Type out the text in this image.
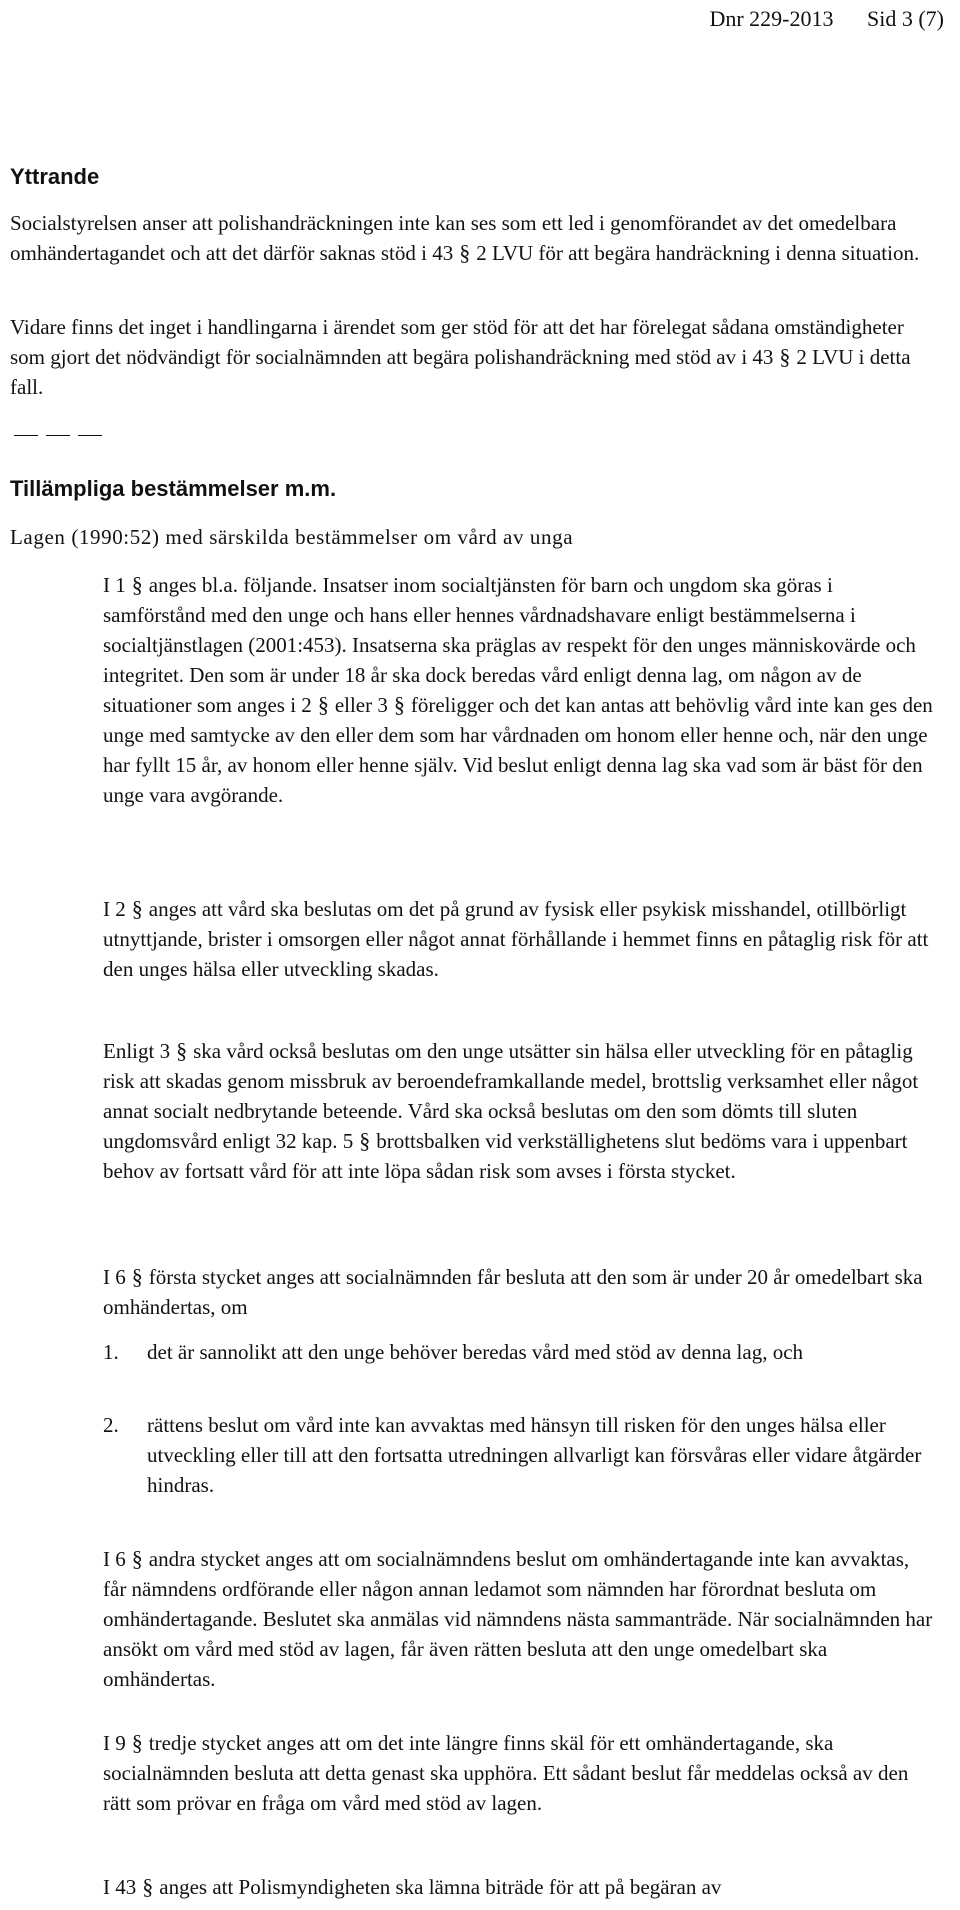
Dnr 229-2013 Sid 3 (7)
Yttrande
Socialstyrelsen anser att polishandräckningen inte kan ses som ett led i genomförandet av det omedelbara omhändertagandet och att det därför saknas stöd i 43 § 2 LVU för att begära handräckning i denna situation.
Vidare finns det inget i handlingarna i ärendet som ger stöd för att det har förelegat sådana omständigheter som gjort det nödvändigt för socialnämnden att begära polishandräckning med stöd av i 43 § 2 LVU i detta fall.
Tillämpliga bestämmelser m.m.
Lagen (1990:52) med särskilda bestämmelser om vård av unga
I 1 § anges bl.a. följande. Insatser inom socialtjänsten för barn och ungdom ska göras i samförstånd med den unge och hans eller hennes vårdnadshavare enligt bestämmelserna i socialtjänstlagen (2001:453). Insatserna ska präglas av respekt för den unges människovärde och integritet. Den som är under 18 år ska dock beredas vård enligt denna lag, om någon av de situationer som anges i 2 § eller 3 § föreligger och det kan antas att behövlig vård inte kan ges den unge med samtycke av den eller dem som har vårdnaden om honom eller henne och, när den unge har fyllt 15 år, av honom eller henne själv. Vid beslut enligt denna lag ska vad som är bäst för den unge vara avgörande.
I 2 § anges att vård ska beslutas om det på grund av fysisk eller psykisk misshandel, otillbörligt utnyttjande, brister i omsorgen eller något annat förhållande i hemmet finns en påtaglig risk för att den unges hälsa eller utveckling skadas.
Enligt 3 § ska vård också beslutas om den unge utsätter sin hälsa eller utveckling för en påtaglig risk att skadas genom missbruk av beroendeframkallande medel, brottslig verksamhet eller något annat socialt nedbrytande beteende. Vård ska också beslutas om den som dömts till sluten ungdomsvård enligt 32 kap. 5 § brottsbalken vid verkställighetens slut bedöms vara i uppenbart behov av fortsatt vård för att inte löpa sådan risk som avses i första stycket.
I 6 § första stycket anges att socialnämnden får besluta att den som är under 20 år omedelbart ska omhändertas, om
1. det är sannolikt att den unge behöver beredas vård med stöd av denna lag, och
2. rättens beslut om vård inte kan avvaktas med hänsyn till risken för den unges hälsa eller utveckling eller till att den fortsatta utredningen allvarligt kan försvåras eller vidare åtgärder hindras.
I 6 § andra stycket anges att om socialnämndens beslut om omhändertagande inte kan avvaktas, får nämndens ordförande eller någon annan ledamot som nämnden har förordnat besluta om omhändertagande. Beslutet ska anmälas vid nämndens nästa sammanträde. När socialnämnden har ansökt om vård med stöd av lagen, får även rätten besluta att den unge omedelbart ska omhändertas.
I 9 § tredje stycket anges att om det inte längre finns skäl för ett omhändertagande, ska socialnämnden besluta att detta genast ska upphöra. Ett sådant beslut får meddelas också av den rätt som prövar en fråga om vård med stöd av lagen.
I 43 § anges att Polismyndigheten ska lämna biträde för att på begäran av
